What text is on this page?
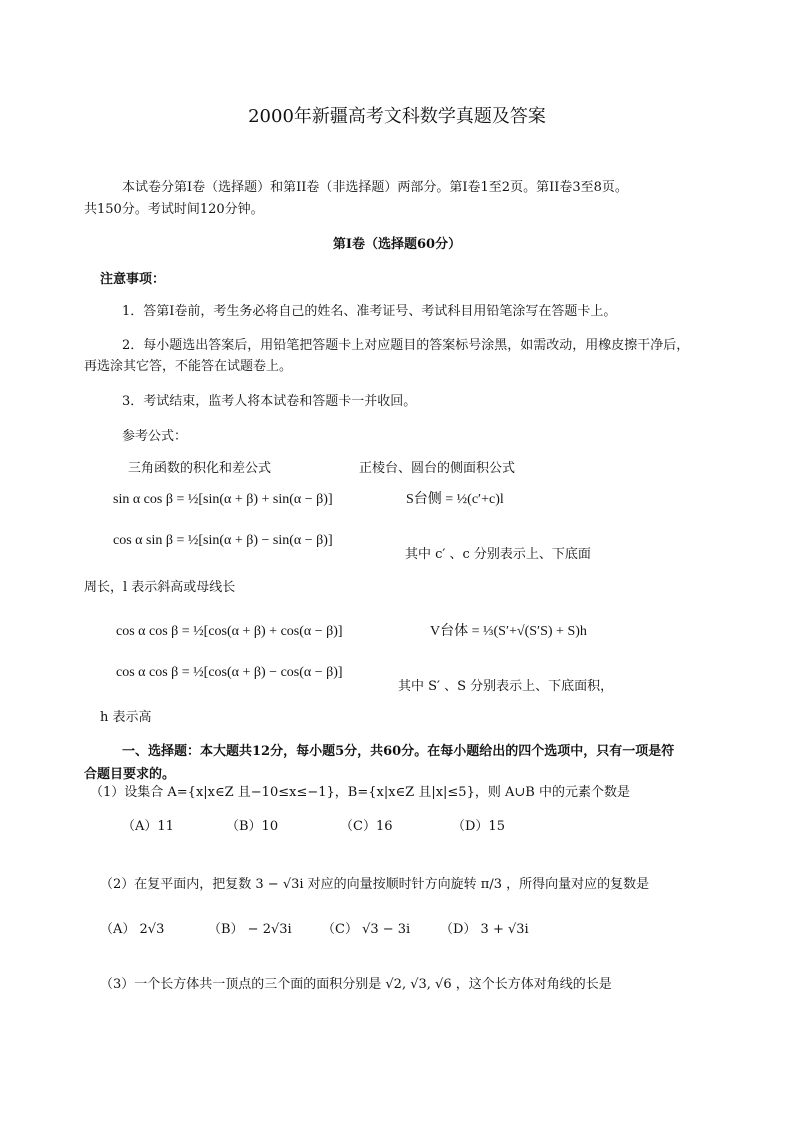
2000年新疆高考文科数学真题及答案
本试卷分第Ⅰ卷（选择题）和第II卷（非选择题）两部分。第Ⅰ卷1至2页。第II卷3至8页。
共150分。考试时间120分钟。
第Ⅰ卷（选择题60分）
注意事项：
1．答第Ⅰ卷前，考生务必将自己的姓名、准考证号、考试科目用铅笔涂写在答题卡上。
2．每小题选出答案后，用铅笔把答题卡上对应题目的答案标号涂黑，如需改动，用橡皮擦干净后，
再选涂其它答，不能答在试题卷上。
3．考试结束，监考人将本试卷和答题卡一并收回。
参考公式：
三角函数的积化和差公式	正棱台、圆台的侧面积公式
sin α cos β = ½[sin(α + β) + sin(α − β)]	S台侧 = ½(c′+c)l
cos α sin β = ½[sin(α + β) − sin(α − β)]
其中 c′ 、c 分别表示上、下底面
周长，l 表示斜高或母线长
cos α cos β = ½[cos(α + β) + cos(α − β)]	V台体 = ⅓(S′+√(S′S) + S)h
cos α cos β = ½[cos(α + β) − cos(α − β)]
其中 S′ 、S 分别表示上、下底面积，
h 表示高
一、选择题：本大题共12分，每小题5分，共60分。在每小题给出的四个选项中，只有一项是符
合题目要求的。
（1）设集合 A={x|x∈Z 且−10≤x≤−1}，B={x|x∈Z 且|x|≤5}，则 A∪B 中的元素个数是
（A）11	（B）10	（C）16	（D）15
（2）在复平面内，把复数 3 − √3i 对应的向量按顺时针方向旋转 π/3 ，所得向量对应的复数是
（A） 2√3	（B） − 2√3i （C） √3 − 3i （D） 3 + √3i
（3）一个长方体共一顶点的三个面的面积分别是 √2, √3, √6 ，这个长方体对角线的长是
